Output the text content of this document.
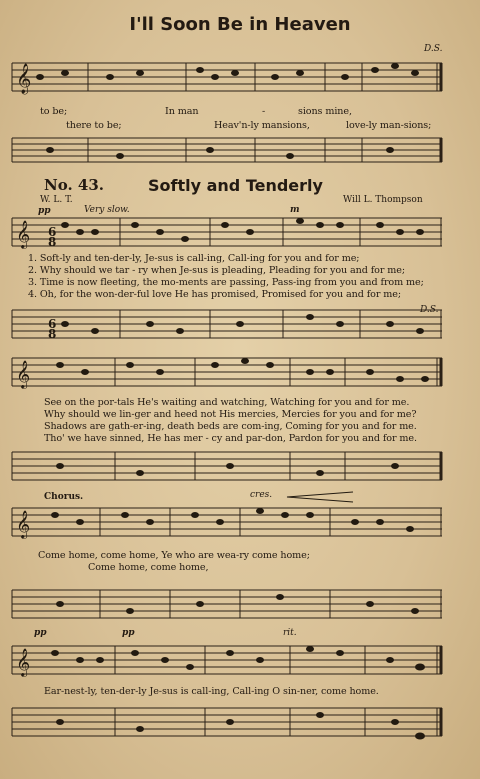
I'll Soon Be in Heaven
D.S.
𝄞
to be;	In man	-	sions mine,
there to be;	Heav'n-ly mansions,	love-ly man-sions;
No. 43.	Softly and Tenderly
W. L. T.	Will L. Thompson
pp	Very slow.	m
D.S.
𝄞 6
8
1. Soft-ly and ten-der-ly, Je-sus is call-ing, Call-ing for you and for me;
2. Why should we tar - ry when Je-sus is pleading, Pleading for you and for me;
3. Time is now fleeting, the mo-ments are passing, Pass-ing from you and from me;
4. Oh, for the won-der-ful love He has promised, Promised for you and for me;
6
8
𝄞
See on the por-tals He's waiting and watching, Watching for you and for me.
Why should we lin-ger and heed not His mercies, Mercies for you and for me?
Shadows are gath-er-ing, death beds are com-ing, Coming for you and for me.
Tho' we have sinned, He has mer - cy and par-don, Pardon for you and for me.
Chorus.	cres.
𝄞
Come home, come home, Ye who are wea-ry come home;
Come home, come home,
pp	pp	rit.
𝄞
Ear-nest-ly, ten-der-ly Je-sus is call-ing, Call-ing O sin-ner, come home.
